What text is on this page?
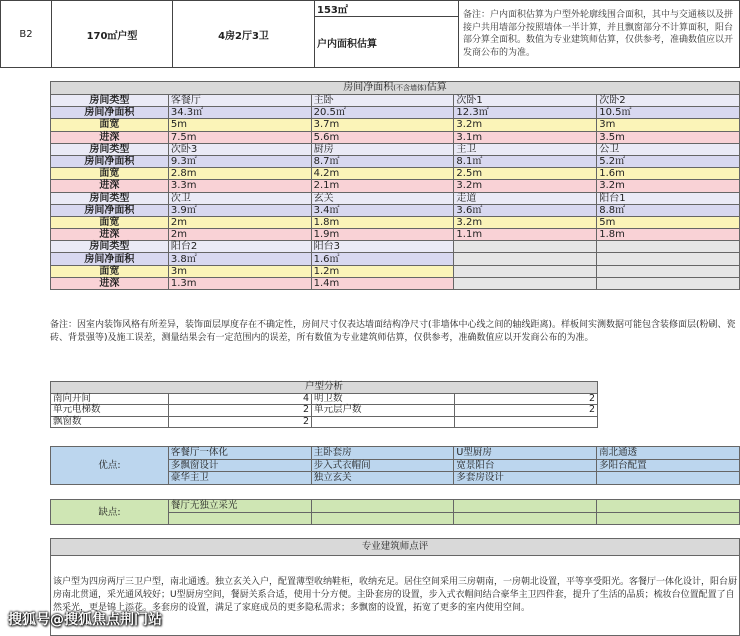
B2	170㎡户型	4房2厅3卫	153㎡	备注：户内面积估算为户型外轮廓线围合面积，其中与交通核以及拼接户共用墙部分按照墙体一半计算，并且飘窗部分不计算面积，阳台部分算全面积。数值为专业建筑师估算，仅供参考，准确数值应以开发商公布的为准。
户内面积估算
房间净面积(不含墙体)估算				
房间类型	客餐厅	主卧	次卧1	次卧2
房间净面积	34.3㎡	20.5㎡	12.3㎡	10.5㎡
面宽	5m	3.7m	3.2m	3m
进深	7.5m	5.6m	3.1m	3.5m
房间类型	次卧3	厨房	主卫	公卫
房间净面积	9.3㎡	8.7㎡	8.1㎡	5.2㎡
面宽	2.8m	4.2m	2.5m	1.6m
进深	3.3m	2.1m	3.2m	3.2m
房间类型	次卫	玄关	走道	阳台1
房间净面积	3.9㎡	3.4㎡	3.6㎡	8.8㎡
面宽	2m	1.8m	3.2m	5m
进深	2m	1.9m	1.1m	1.8m
房间类型	阳台2	阳台3		
房间净面积	3.8㎡	1.6㎡		
面宽	3m	1.2m		
进深	1.3m	1.4m		
备注：因室内装饰风格有所差异，装饰面层厚度存在不确定性，房间尺寸仅表达墙面结构净尺寸(非墙体中心线之间的轴线距离)。样板间实测数据可能包含装修面层(粉刷、瓷砖、背景强等)及施工误差，测量结果会有一定范围内的误差，所有数值为专业建筑师估算，仅供参考，准确数值应以开发商公布的为准。
户型分析			
南向开间	4	明卫数	2
单元电梯数	2	单元层户数	2
飘窗数	2		
优点:	客餐厅一体化	主卧套房	U型厨房	南北通透
	多飘窗设计	步入式衣帽间	宽景阳台	多阳台配置
	豪华主卫	独立玄关	多套房设计	
缺点:	餐厅无独立采光			

专业建筑师点评
该户型为四房两厅三卫户型，南北通透。独立玄关入户，配置薄型收纳鞋柜，收纳充足。居住空间采用三房朝南，一房朝北设置，平等享受阳光。客餐厅一体化设计，阳台厨房南北贯通，采光通风较好；U型厨房空间，餐厨关系合适，使用十分方便。主卧套房的设置，步入式衣帽间结合豪华主卫四件套，提升了生活的品质；梳妆台位置配置了自然采光，更是锦上添花。多套房的设置，满足了家庭成员的更多隐私需求；多飘窗的设置，拓宽了更多的室内使用空间。
搜狐号@搜狐焦点荆门站
